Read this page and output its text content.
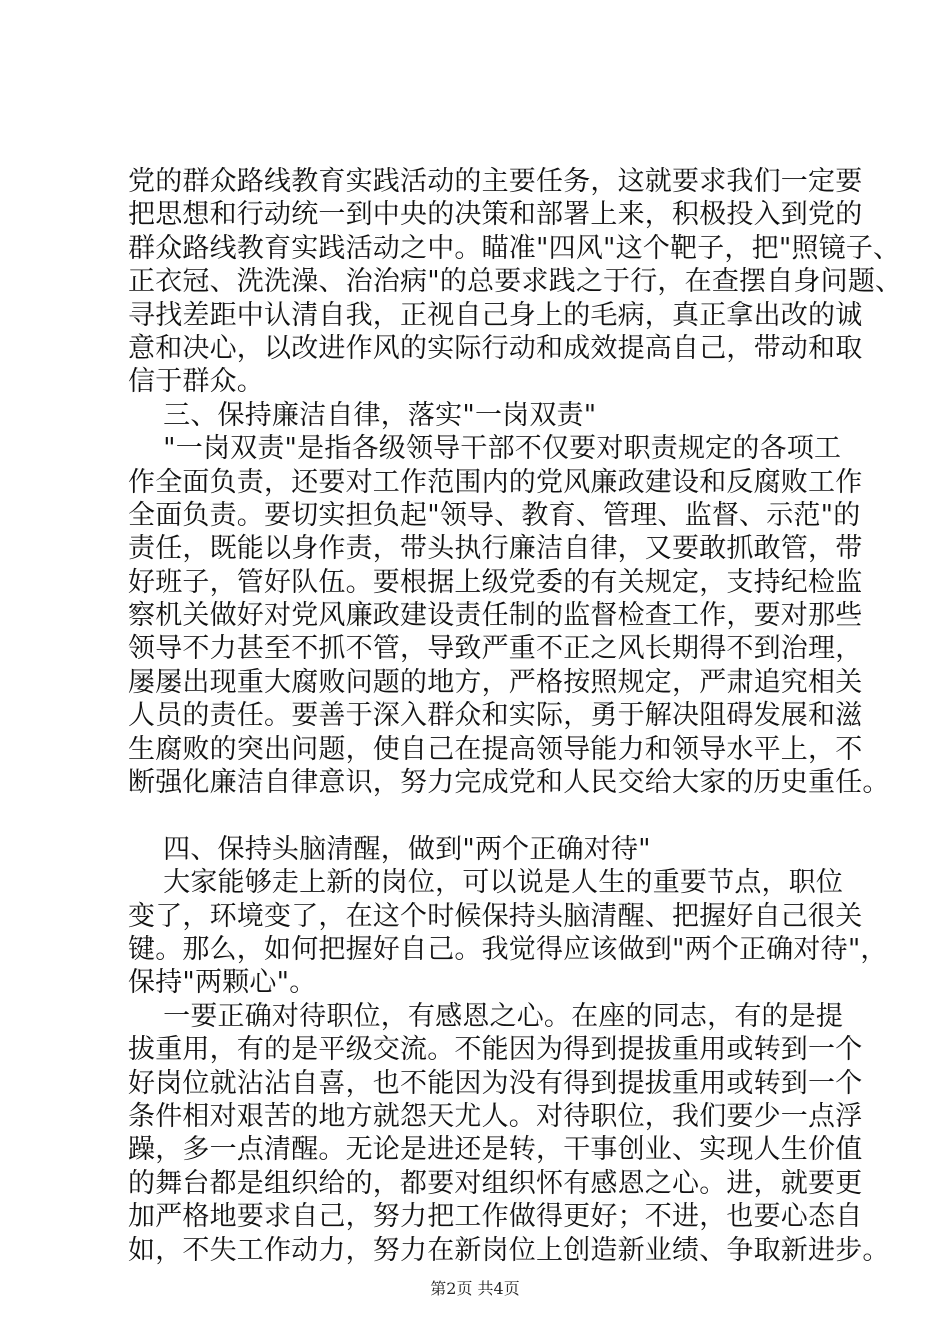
党的群众路线教育实践活动的主要任务，这就要求我们一定要
把思想和行动统一到中央的决策和部署上来，积极投入到党的
群众路线教育实践活动之中。瞄准"四风"这个靶子，把"照镜子、
正衣冠、洗洗澡、治治病"的总要求践之于行，在查摆自身问题、
寻找差距中认清自我，正视自己身上的毛病，真正拿出改的诚
意和决心，以改进作风的实际行动和成效提高自己，带动和取
信于群众。
三、保持廉洁自律，落实"一岗双责"
"一岗双责"是指各级领导干部不仅要对职责规定的各项工
作全面负责，还要对工作范围内的党风廉政建设和反腐败工作
全面负责。要切实担负起"领导、教育、管理、监督、示范"的
责任，既能以身作责，带头执行廉洁自律，又要敢抓敢管，带
好班子，管好队伍。要根据上级党委的有关规定，支持纪检监
察机关做好对党风廉政建设责任制的监督检查工作，要对那些
领导不力甚至不抓不管，导致严重不正之风长期得不到治理，
屡屡出现重大腐败问题的地方，严格按照规定，严肃追究相关
人员的责任。要善于深入群众和实际，勇于解决阻碍发展和滋
生腐败的突出问题，使自己在提高领导能力和领导水平上，不
断强化廉洁自律意识，努力完成党和人民交给大家的历史重任。
四、保持头脑清醒，做到"两个正确对待"
大家能够走上新的岗位，可以说是人生的重要节点，职位
变了，环境变了，在这个时候保持头脑清醒、把握好自己很关
键。那么，如何把握好自己。我觉得应该做到"两个正确对待"，
保持"两颗心"。
一要正确对待职位，有感恩之心。在座的同志，有的是提
拔重用，有的是平级交流。不能因为得到提拔重用或转到一个
好岗位就沾沾自喜，也不能因为没有得到提拔重用或转到一个
条件相对艰苦的地方就怨天尤人。对待职位，我们要少一点浮
躁，多一点清醒。无论是进还是转，干事创业、实现人生价值
的舞台都是组织给的，都要对组织怀有感恩之心。进，就要更
加严格地要求自己，努力把工作做得更好；不进，也要心态自
如，不失工作动力，努力在新岗位上创造新业绩、争取新进步。
第2页 共4页
